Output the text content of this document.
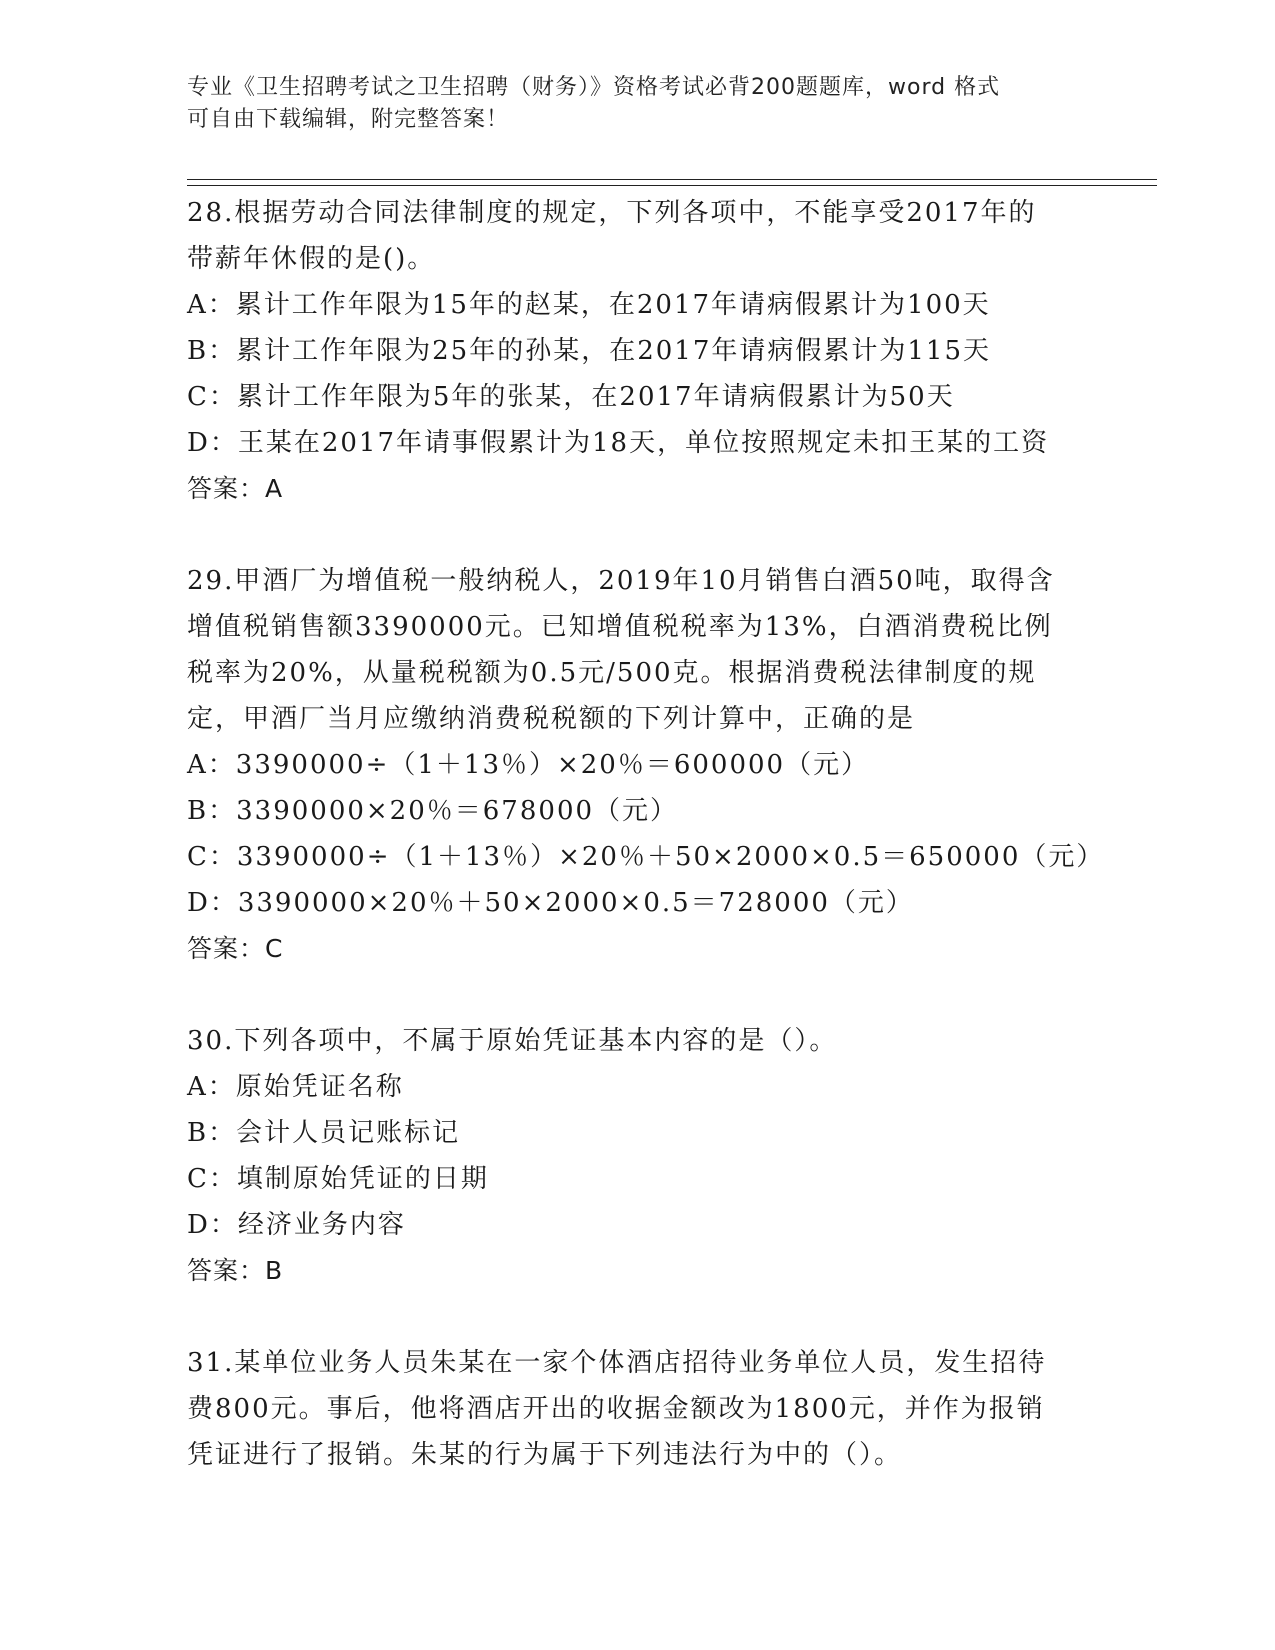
专业《卫生招聘考试之卫生招聘（财务）》资格考试必背200题题库，word 格式
可自由下载编辑，附完整答案！
28.根据劳动合同法律制度的规定，下列各项中，不能享受2017年的
带薪年休假的是()。
A：累计工作年限为15年的赵某，在2017年请病假累计为100天
B：累计工作年限为25年的孙某，在2017年请病假累计为115天
C：累计工作年限为5年的张某，在2017年请病假累计为50天
D：王某在2017年请事假累计为18天，单位按照规定未扣王某的工资
答案：A
29.甲酒厂为增值税一般纳税人，2019年10月销售白酒50吨，取得含
增值税销售额3390000元。已知增值税税率为13%，白酒消费税比例
税率为20%，从量税税额为0.5元/500克。根据消费税法律制度的规
定，甲酒厂当月应缴纳消费税税额的下列计算中，正确的是
A：3390000÷（1＋13％）×20％＝600000（元）
B：3390000×20％＝678000（元）
C：3390000÷（1＋13％）×20％＋50×2000×0.5＝650000（元）
D：3390000×20％＋50×2000×0.5＝728000（元）
答案：C
30.下列各项中，不属于原始凭证基本内容的是（）。
A：原始凭证名称
B：会计人员记账标记
C：填制原始凭证的日期
D：经济业务内容
答案：B
31.某单位业务人员朱某在一家个体酒店招待业务单位人员，发生招待
费800元。事后，他将酒店开出的收据金额改为1800元，并作为报销
凭证进行了报销。朱某的行为属于下列违法行为中的（）。
